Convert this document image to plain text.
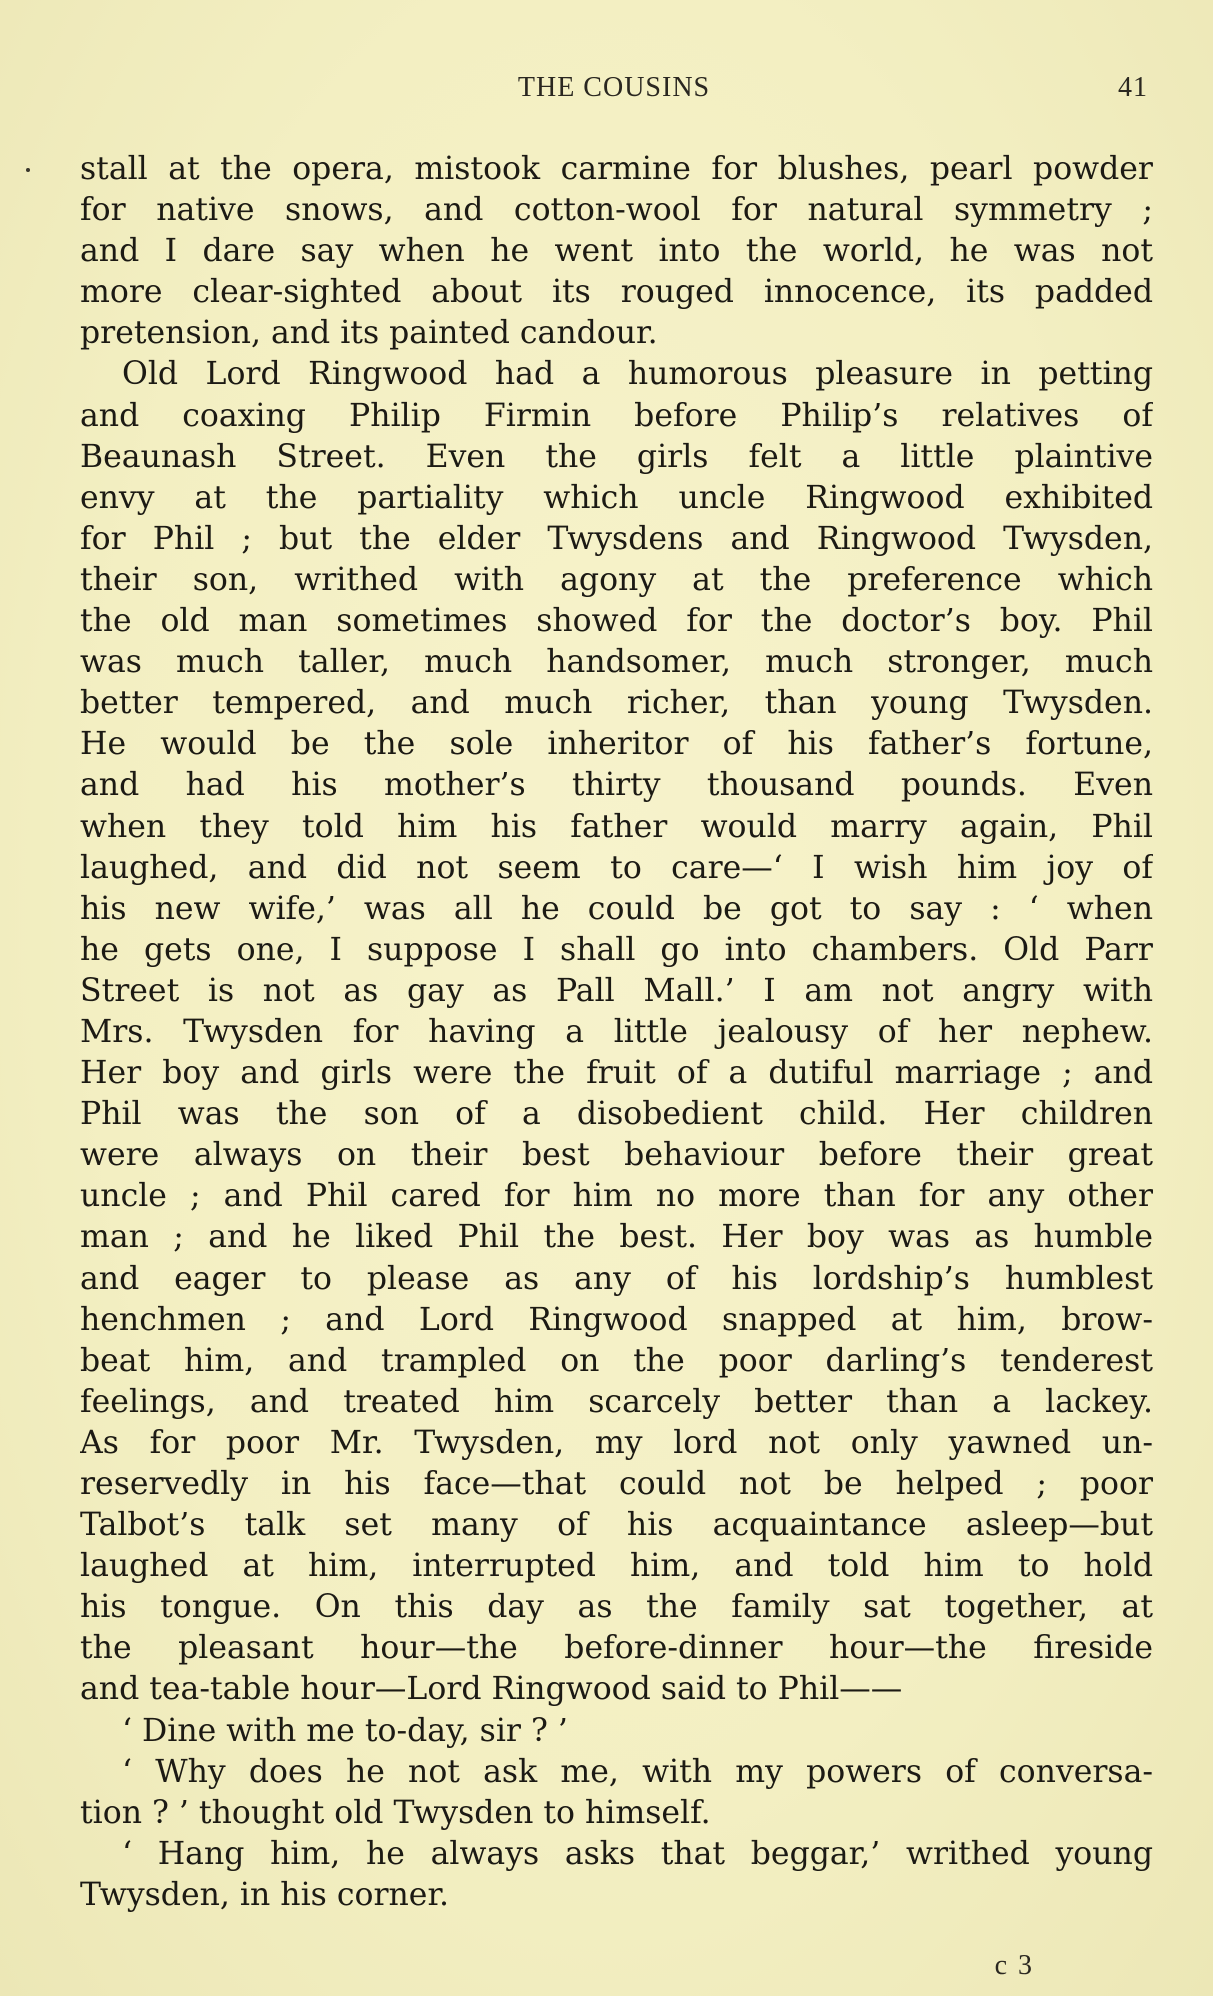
THE COUSINS	41
stall at the opera, mistook carmine for blushes, pearl powder
for native snows, and cotton-wool for natural symmetry ;
and I dare say when he went into the world, he was not
more clear-sighted about its rouged innocence, its padded
pretension, and its painted candour.
Old Lord Ringwood had a humorous pleasure in petting
and coaxing Philip Firmin before Philip’s relatives of
Beaunash Street. Even the girls felt a little plaintive
envy at the partiality which uncle Ringwood exhibited
for Phil ; but the elder Twysdens and Ringwood Twysden,
their son, writhed with agony at the preference which
the old man sometimes showed for the doctor’s boy. Phil
was much taller, much handsomer, much stronger, much
better tempered, and much richer, than young Twysden.
He would be the sole inheritor of his father’s fortune,
and had his mother’s thirty thousand pounds. Even
when they told him his father would marry again, Phil
laughed, and did not seem to care—‘ I wish him joy of
his new wife,’ was all he could be got to say : ‘ when
he gets one, I suppose I shall go into chambers. Old Parr
Street is not as gay as Pall Mall.’ I am not angry with
Mrs. Twysden for having a little jealousy of her nephew.
Her boy and girls were the fruit of a dutiful marriage ; and
Phil was the son of a disobedient child. Her children
were always on their best behaviour before their great
uncle ; and Phil cared for him no more than for any other
man ; and he liked Phil the best. Her boy was as humble
and eager to please as any of his lordship’s humblest
henchmen ; and Lord Ringwood snapped at him, brow-
beat him, and trampled on the poor darling’s tenderest
feelings, and treated him scarcely better than a lackey.
As for poor Mr. Twysden, my lord not only yawned un-
reservedly in his face—that could not be helped ; poor
Talbot’s talk set many of his acquaintance asleep—but
laughed at him, interrupted him, and told him to hold
his tongue. On this day as the family sat together, at
the pleasant hour—the before-dinner hour—the fireside
and tea-table hour—Lord Ringwood said to Phil——
‘ Dine with me to-day, sir ? ’
‘ Why does he not ask me, with my powers of conversa-
tion ? ’ thought old Twysden to himself.
‘ Hang him, he always asks that beggar,’ writhed young
Twysden, in his corner.
c 3
